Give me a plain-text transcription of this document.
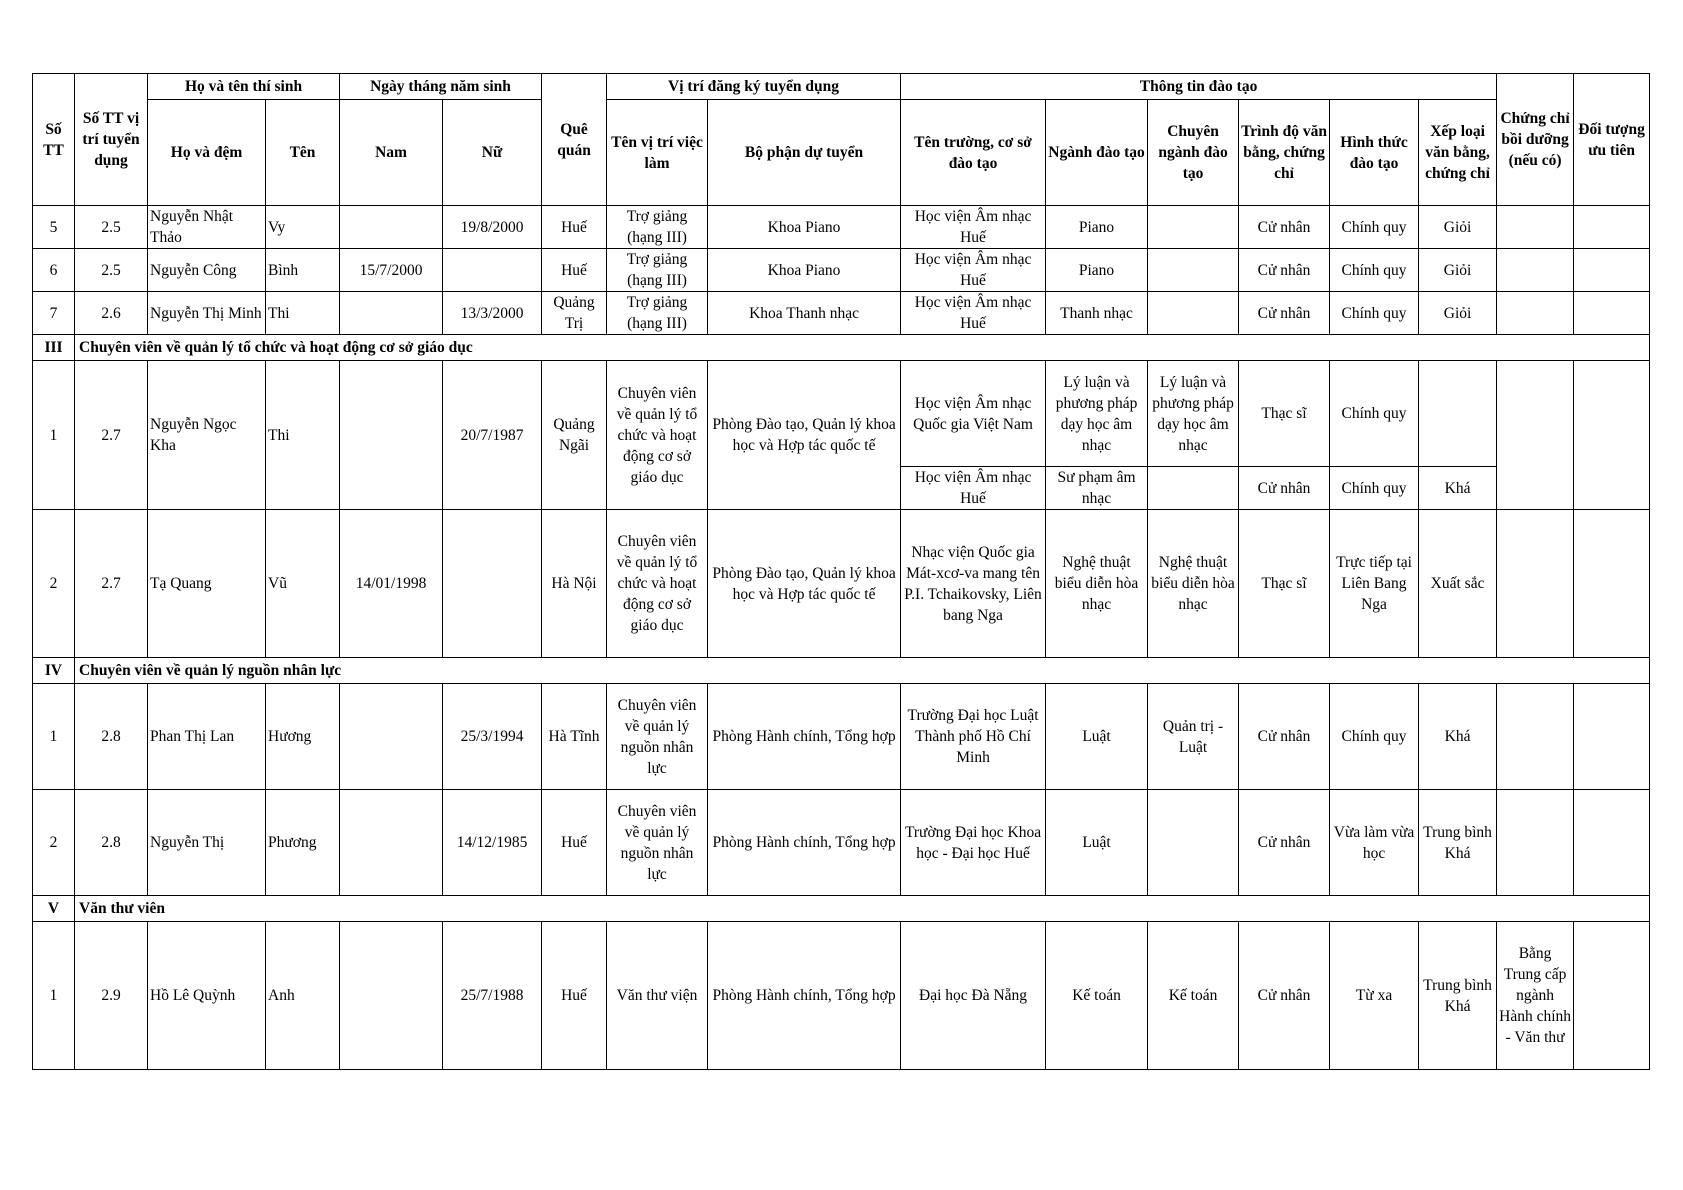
Số TT	Số TT vị trí tuyển dụng	Họ và tên thí sinh		Ngày tháng năm sinh		Quê quán	Vị trí đăng ký tuyển dụng		Thông tin đào tạo						Chứng chỉ bồi dưỡng (nếu có)	Đối tượng ưu tiên
		Họ và đệm	Tên	Nam	Nữ		Tên vị trí việc làm	Bộ phận dự tuyển	Tên trường, cơ sở đào tạo	Ngành đào tạo	Chuyên ngành đào tạo	Trình độ văn bằng, chứng chỉ	Hình thức đào tạo	Xếp loại văn bằng, chứng chỉ		
5	2.5	Nguyễn Nhật Thảo	Vy		19/8/2000	Huế	Trợ giảng (hạng III)	Khoa Piano	Học viện Âm nhạc Huế	Piano		Cử nhân	Chính quy	Giỏi		
6	2.5	Nguyễn Công	Bình	15/7/2000		Huế	Trợ giảng (hạng III)	Khoa Piano	Học viện Âm nhạc Huế	Piano		Cử nhân	Chính quy	Giỏi		
7	2.6	Nguyễn Thị Minh	Thi		13/3/2000	Quảng Trị	Trợ giảng (hạng III)	Khoa Thanh nhạc	Học viện Âm nhạc Huế	Thanh nhạc		Cử nhân	Chính quy	Giỏi		
III	Chuyên viên về quản lý tổ chức và hoạt động cơ sở giáo dục															
1	2.7	Nguyễn Ngọc Kha	Thi		20/7/1987	Quảng Ngãi	Chuyên viên về quản lý tổ chức và hoạt động cơ sở giáo dục	Phòng Đào tạo, Quản lý khoa học và Hợp tác quốc tế	Học viện Âm nhạc Quốc gia Việt Nam	Lý luận và phương pháp dạy học âm nhạc	Lý luận và phương pháp dạy học âm nhạc	Thạc sĩ	Chính quy			
									Học viện Âm nhạc Huế	Sư phạm âm nhạc		Cử nhân	Chính quy	Khá		
2	2.7	Tạ Quang	Vũ	14/01/1998		Hà Nội	Chuyên viên về quản lý tổ chức và hoạt động cơ sở giáo dục	Phòng Đào tạo, Quản lý khoa học và Hợp tác quốc tế	Nhạc viện Quốc gia Mát-xcơ-va mang tên P.I. Tchaikovsky, Liên bang Nga	Nghệ thuật biểu diễn hòa nhạc	Nghệ thuật biểu diễn hòa nhạc	Thạc sĩ	Trực tiếp tại Liên Bang Nga	Xuất sắc		
IV	Chuyên viên về quản lý nguồn nhân lực															
1	2.8	Phan Thị Lan	Hương		25/3/1994	Hà Tĩnh	Chuyên viên về quản lý nguồn nhân lực	Phòng Hành chính, Tổng hợp	Trường Đại học Luật Thành phố Hồ Chí Minh	Luật	Quản trị - Luật	Cử nhân	Chính quy	Khá		
2	2.8	Nguyễn Thị	Phương		14/12/1985	Huế	Chuyên viên về quản lý nguồn nhân lực	Phòng Hành chính, Tổng hợp	Trường Đại học Khoa học - Đại học Huế	Luật		Cử nhân	Vừa làm vừa học	Trung bình Khá		
V	Văn thư viên															
1	2.9	Hồ Lê Quỳnh	Anh		25/7/1988	Huế	Văn thư viện	Phòng Hành chính, Tổng hợp	Đại học Đà Nẵng	Kế toán	Kế toán	Cử nhân	Từ xa	Trung bình Khá	Bằng Trung cấp ngành Hành chính - Văn thư	
